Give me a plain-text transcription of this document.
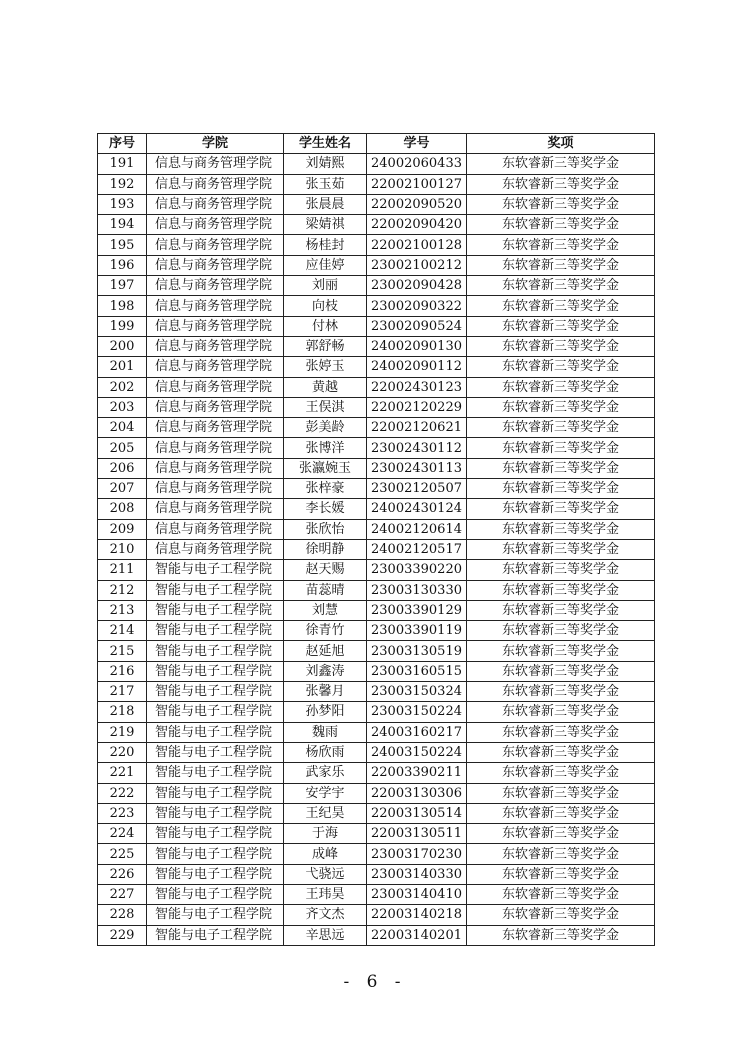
序号	学院	学生姓名	学号	奖项
191	信息与商务管理学院	刘婧熙	24002060433	东软睿新三等奖学金
192	信息与商务管理学院	张玉茹	22002100127	东软睿新三等奖学金
193	信息与商务管理学院	张晨晨	22002090520	东软睿新三等奖学金
194	信息与商务管理学院	梁婧祺	22002090420	东软睿新三等奖学金
195	信息与商务管理学院	杨桂封	22002100128	东软睿新三等奖学金
196	信息与商务管理学院	应佳婷	23002100212	东软睿新三等奖学金
197	信息与商务管理学院	刘丽	23002090428	东软睿新三等奖学金
198	信息与商务管理学院	向枝	23002090322	东软睿新三等奖学金
199	信息与商务管理学院	付林	23002090524	东软睿新三等奖学金
200	信息与商务管理学院	郭舒畅	24002090130	东软睿新三等奖学金
201	信息与商务管理学院	张婷玉	24002090112	东软睿新三等奖学金
202	信息与商务管理学院	黄越	22002430123	东软睿新三等奖学金
203	信息与商务管理学院	王俣淇	22002120229	东软睿新三等奖学金
204	信息与商务管理学院	彭美龄	22002120621	东软睿新三等奖学金
205	信息与商务管理学院	张博洋	23002430112	东软睿新三等奖学金
206	信息与商务管理学院	张瀛婉玉	23002430113	东软睿新三等奖学金
207	信息与商务管理学院	张梓豪	23002120507	东软睿新三等奖学金
208	信息与商务管理学院	李长媛	24002430124	东软睿新三等奖学金
209	信息与商务管理学院	张欣怡	24002120614	东软睿新三等奖学金
210	信息与商务管理学院	徐明静	24002120517	东软睿新三等奖学金
211	智能与电子工程学院	赵天赐	23003390220	东软睿新三等奖学金
212	智能与电子工程学院	苗蕊晴	23003130330	东软睿新三等奖学金
213	智能与电子工程学院	刘慧	23003390129	东软睿新三等奖学金
214	智能与电子工程学院	徐青竹	23003390119	东软睿新三等奖学金
215	智能与电子工程学院	赵延旭	23003130519	东软睿新三等奖学金
216	智能与电子工程学院	刘鑫涛	23003160515	东软睿新三等奖学金
217	智能与电子工程学院	张馨月	23003150324	东软睿新三等奖学金
218	智能与电子工程学院	孙梦阳	23003150224	东软睿新三等奖学金
219	智能与电子工程学院	魏雨	24003160217	东软睿新三等奖学金
220	智能与电子工程学院	杨欣雨	24003150224	东软睿新三等奖学金
221	智能与电子工程学院	武家乐	22003390211	东软睿新三等奖学金
222	智能与电子工程学院	安学宇	22003130306	东软睿新三等奖学金
223	智能与电子工程学院	王纪昊	22003130514	东软睿新三等奖学金
224	智能与电子工程学院	于海	22003130511	东软睿新三等奖学金
225	智能与电子工程学院	成峰	23003170230	东软睿新三等奖学金
226	智能与电子工程学院	弋骁远	23003140330	东软睿新三等奖学金
227	智能与电子工程学院	王玮昊	23003140410	东软睿新三等奖学金
228	智能与电子工程学院	齐文杰	22003140218	东软睿新三等奖学金
229	智能与电子工程学院	辛思远	22003140201	东软睿新三等奖学金
- 6 -
